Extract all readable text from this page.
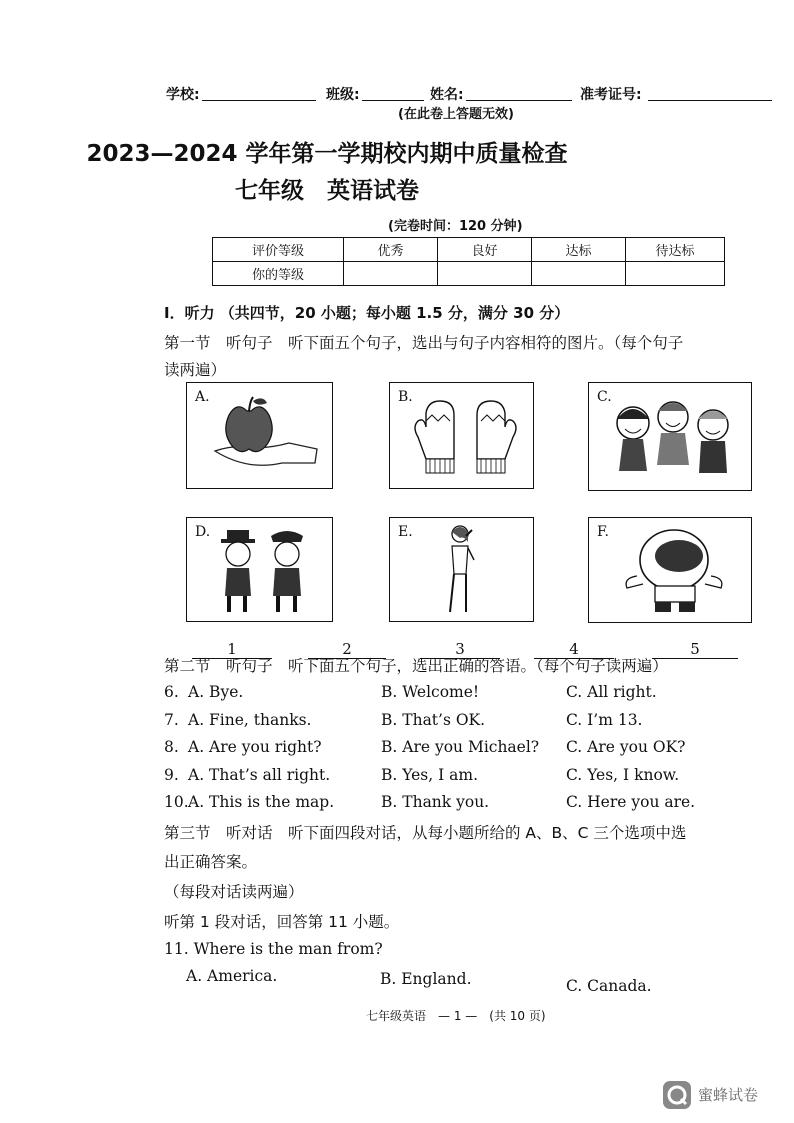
学校:	班级:	姓名:	准考证号:
(在此卷上答题无效)
2023—2024 学年第一学期校内期中质量检查
七年级　英语试卷
(完卷时间：120 分钟)
评价等级	优秀	良好	达标	待达标
你的等级				
I．听力 （共四节，20 小题；每小题 1.5 分，满分 30 分）
第一节　听句子　听下面五个句子，选出与句子内容相符的图片。（每个句子
读两遍）
A.	B.	C.
D.	E.	F.
1	2	3	4	5
第二节　听句子　听下面五个句子，选出正确的答语。（每个句子读两遍）
6. A. Bye.	B. Welcome!	C. All right.
7. A. Fine, thanks.	B. That’s OK.	C. I’m 13.
8. A. Are you right?	B. Are you Michael? C. Are you OK?
9. A. That’s all right.	B. Yes, I am.	C. Yes, I know.
10. A. This is the map.	B. Thank you.	C. Here you are.
第三节　听对话　听下面四段对话，从每小题所给的 A、B、C 三个选项中选
出正确答案。
（每段对话读两遍）
听第 1 段对话，回答第 11 小题。
11. Where is the man from?
A. America.	B. England.	C. Canada.
七年级英语　— 1 —　(共 10 页)
蜜蜂试卷
